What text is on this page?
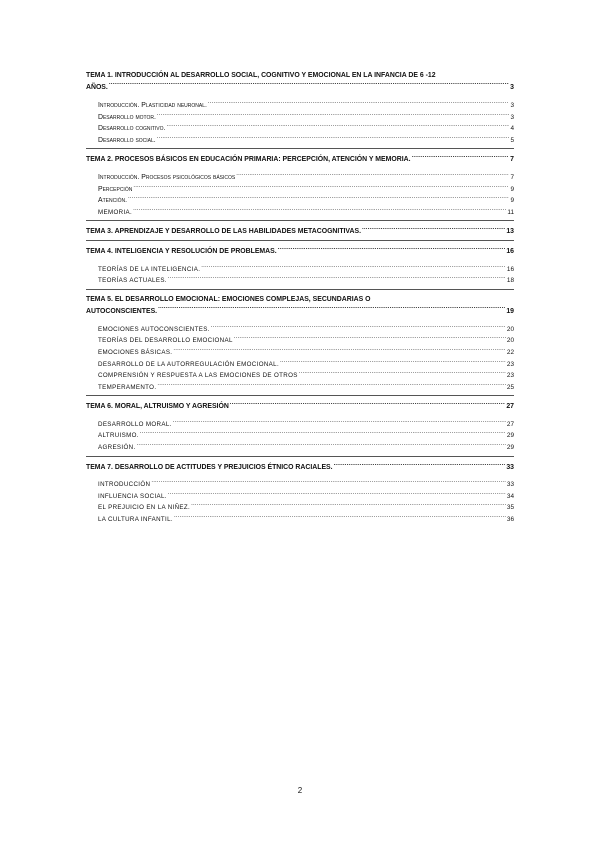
TEMA 1. INTRODUCCIÓN AL DESARROLLO SOCIAL, COGNITIVO Y EMOCIONAL EN LA INFANCIA DE 6 -12
AÑOS. .....	3
Introducción. Plasticidad neuronal. .....	3
Desarrollo motor. .....	3
Desarrollo cognitivo. .....	4
Desarrollo social. .....	5
TEMA 2. PROCESOS BÁSICOS EN EDUCACIÓN PRIMARIA: PERCEPCIÓN, ATENCIÓN Y MEMORIA. .....	7
Introducción. Procesos psicológicos básicos .....	7
Percepción .....	9
Atención. .....	9
MEMORIA. .....	11
TEMA 3. APRENDIZAJE Y DESARROLLO DE LAS HABILIDADES METACOGNITIVAS. .....	13
TEMA 4. INTELIGENCIA Y RESOLUCIÓN DE PROBLEMAS. .....	16
TEORÍAS DE LA INTELIGENCIA. .....	16
TEORÍAS ACTUALES. .....	18
TEMA 5. EL DESARROLLO EMOCIONAL: EMOCIONES COMPLEJAS, SECUNDARIAS O
AUTOCONSCIENTES. .....	19
EMOCIONES AUTOCONSCIENTES. .....	20
TEORÍAS DEL DESARROLLO EMOCIONAL .....	20
EMOCIONES BÁSICAS. .....	22
DESARROLLO DE LA AUTORREGULACIÓN EMOCIONAL. .....	23
COMPRENSIÓN Y RESPUESTA A LAS EMOCIONES DE OTROS .....	23
TEMPERAMENTO. .....	25
TEMA 6. MORAL, ALTRUISMO Y AGRESIÓN .....	27
DESARROLLO MORAL. .....	27
ALTRUISMO. .....	29
AGRESIÓN. .....	29
TEMA 7. DESARROLLO DE ACTITUDES Y PREJUICIOS ÉTNICO RACIALES. .....	33
INTRODUCCIÓN .....	33
INFLUENCIA SOCIAL. .....	34
EL PREJUICIO EN LA NIÑEZ. .....	35
LA CULTURA INFANTIL. .....	36
2
